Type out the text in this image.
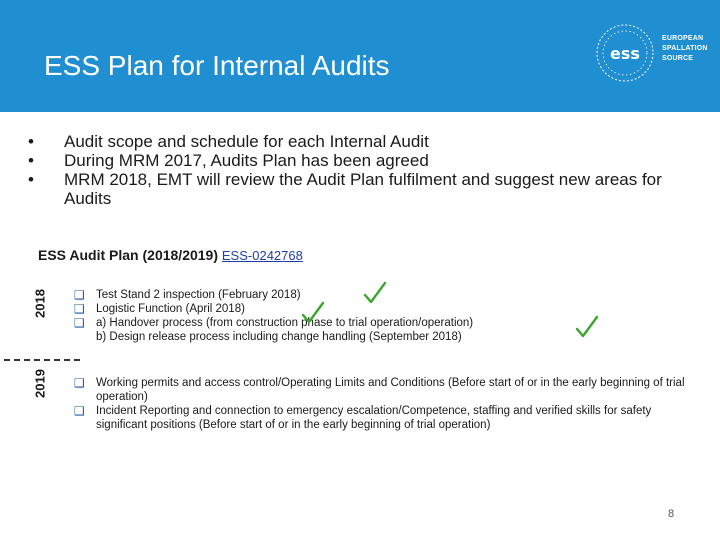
ESS Plan for Internal Audits	ess
EUROPEAN
SPALLATION
SOURCE
• Audit scope and schedule for each Internal Audit
• During MRM 2017, Audits Plan has been agreed
• MRM 2018, EMT will review the Audit Plan fulfilment and suggest new areas for Audits
ESS Audit Plan (2018/2019) ESS-0242768
2018
2019
❑ Test Stand 2 inspection (February 2018)
❑ Logistic Function (April 2018)
❑ a) Handover process (from construction phase to trial operation/operation)
b) Design release process including change handling (September 2018)
❑ Working permits and access control/Operating Limits and Conditions (Before start of or in the early beginning of trial operation)
❑ Incident Reporting and connection to emergency escalation/Competence, staffing and verified skills for safety significant positions (Before start of or in the early beginning of trial operation)
8
